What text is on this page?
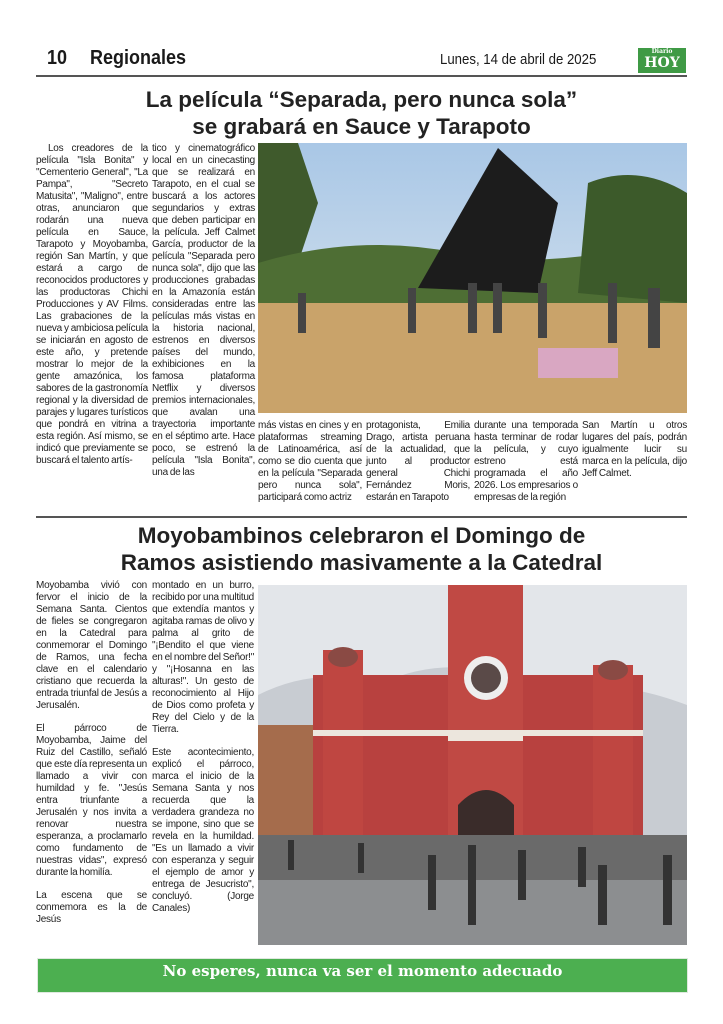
10 Regionales	Lunes, 14 de abril de 2025	Diario
HOY
La película “Separada, pero nunca sola”
se grabará en Sauce y Tarapoto
Los creadores de la película "Isla Bonita" y "Cementerio General", "La Pampa", "Secreto Matusita", "Maligno", entre otras, anunciaron que rodarán una nueva película en Sauce, Tarapoto y Moyobamba, región San Martín, y que estará a cargo de reconocidos productores y las productoras Chichi Producciones y AV Films. Las grabaciones de la nueva y ambiciosa película se iniciarán en agosto de este año, y pretende mostrar lo mejor de la gente amazónica, los sabores de la gastronomía regional y la diversidad de parajes y lugares turísticos que pondrá en vitrina a esta región. Así mismo, se indicó que previamente se buscará el talento artís-
tico y cinematográfico local en un cinecasting que se realizará en Tarapoto, en el cual se buscará a los actores segundarios y extras que deben participar en la película. Jeff Calmet García, productor de la película "Separada pero nunca sola", dijo que las producciones grabadas en la Amazonía están consideradas entre las películas más vistas en la historia nacional, estrenos en diversos países del mundo, exhibiciones en la famosa plataforma Netflix y diversos premios internacionales, que avalan una trayectoria importante en el séptimo arte. Hace poco, se estrenó la película "Isla Bonita", una de las
más vistas en cines y en plataformas streaming de Latinoamérica, así como se dio cuenta que en la película "Separada pero nunca sola", participará como actriz
protagonista, Emilia Drago, artista peruana de la actualidad, que junto al productor general Chichi Fernández Moris, estarán en Tarapoto
durante una temporada hasta terminar de rodar la película, y cuyo estreno está programada el año 2026. Los empresarios o empresas de la región
San Martín u otros lugares del país, podrán igualmente lucir su marca en la película, dijo Jeff Calmet.
Moyobambinos celebraron el Domingo de
Ramos asistiendo masivamente a la Catedral

Moyobamba vivió con fervor el inicio de la Semana Santa. Cientos de fieles se congregaron en la Catedral para conmemorar el Domingo de Ramos, una fecha clave en el calendario cristiano que recuerda la entrada triunfal de Jesús a Jerusalén.

El párroco de Moyobamba, Jaime del Ruiz del Castillo, señaló que este día representa un llamado a vivir con humildad y fe. "Jesús entra triunfante a Jerusalén y nos invita a renovar nuestra esperanza, a proclamarlo como fundamento de nuestras vidas", expresó durante la homilía.

La escena que se conmemora es la de Jesús

montado en un burro, recibido por una multitud que extendía mantos y agitaba ramas de olivo y palma al grito de "¡Bendito el que viene en el nombre del Señor!" y "¡Hosanna en las alturas!". Un gesto de reconocimiento al Hijo de Dios como profeta y Rey del Cielo y de la Tierra.

Este acontecimiento, explicó el párroco, marca el inicio de la Semana Santa y nos recuerda que la verdadera grandeza no se impone, sino que se revela en la humildad. "Es un llamado a vivir con esperanza y seguir el ejemplo de amor y entrega de Jesucristo", concluyó. (Jorge Canales)

No esperes, nunca va ser el momento adecuado
